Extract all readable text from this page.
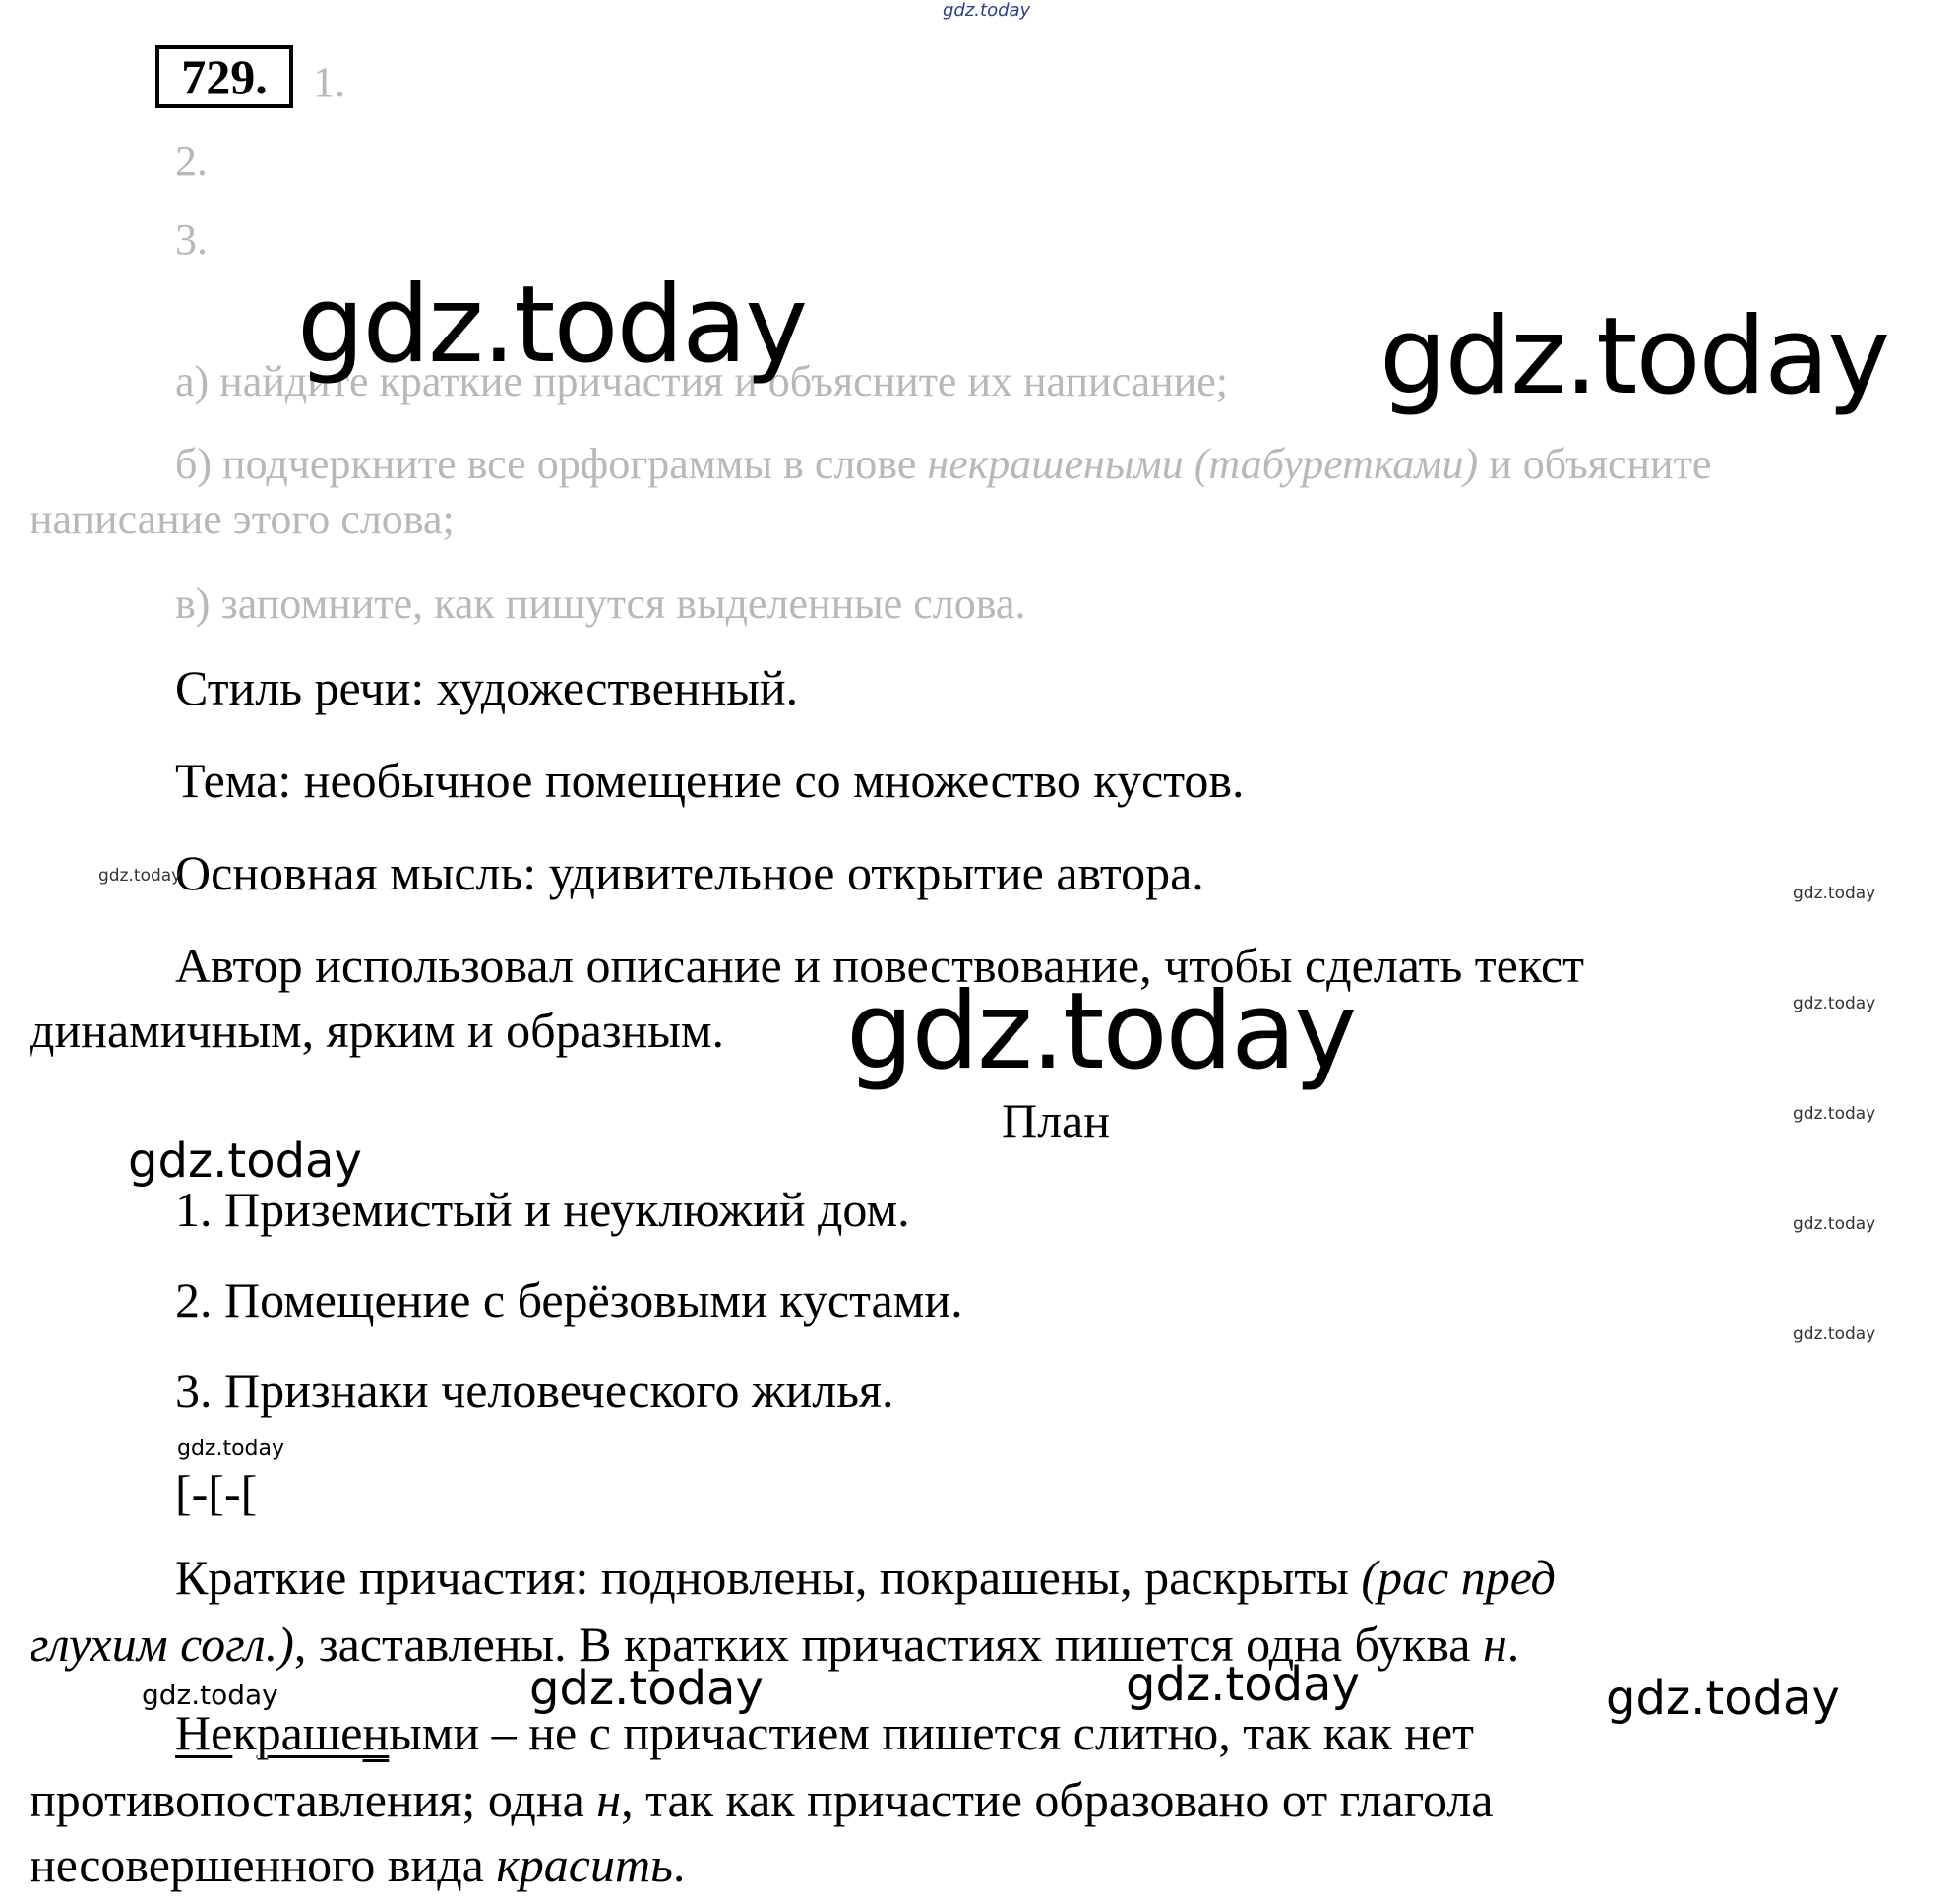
gdz.today
729.	1.
2.
3.
а) найдите краткие причастия и объясните их написание;
б) подчеркните все орфограммы в слове некрашеными (табуретками) и объясните
написание этого слова;
в) запомните, как пишутся выделенные слова.
Стиль речи: художественный.
Тема: необычное помещение со множество кустов.
Основная мысль: удивительное открытие автора.
Автор использовал описание и повествование, чтобы сделать текст
динамичным, ярким и образным.
План
1. Приземистый и неуклюжий дом.
2. Помещение с берёзовыми кустами.
3. Признаки человеческого жилья.
[-[-[
Краткие причастия: подновлены, покрашены, раскрыты (рас пред
глухим согл.), заставлены. В кратких причастиях пишется одна буква н.
Некрашеными – не с причастием пишется слитно, так как нет
противопоставления; одна н, так как причастие образовано от глагола
несовершенного вида красить.
gdz.today	gdz.today
gdz.today
gdz.today
gdz.today	gdz.today	gdz.today
gdz.today
gdz.today
gdz.today
gdz.today
gdz.today
gdz.today
gdz.today
gdz.today
